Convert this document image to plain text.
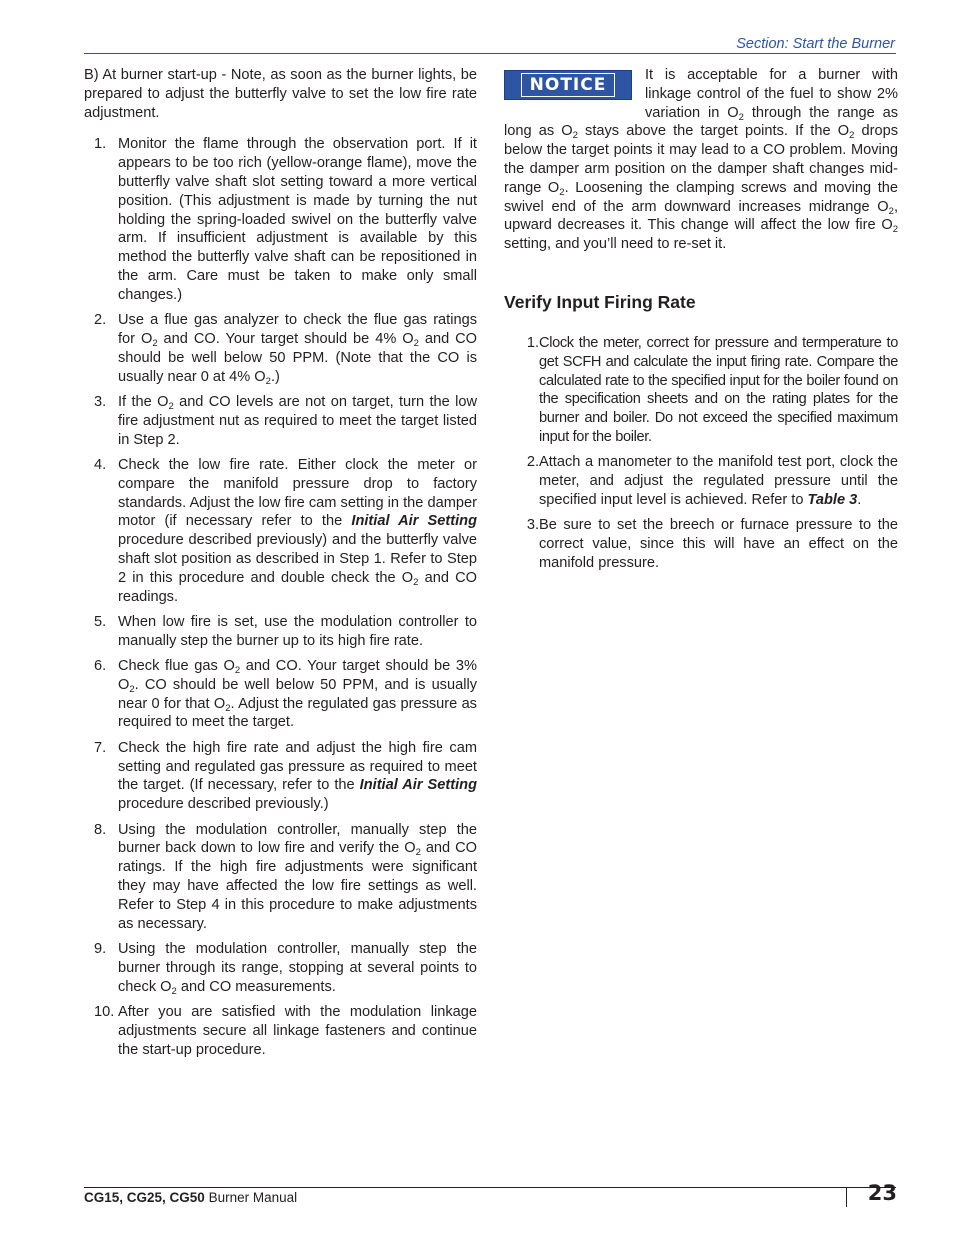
Section: Start the Burner

B) At burner start-up - Note, as soon as the burner lights, be prepared to adjust the butterfly valve to set the low fire rate adjustment.

1. Monitor the flame through the observation port. If it appears to be too rich (yellow-orange flame), move the butterfly valve shaft slot setting toward a more vertical position. (This adjustment is made by turning the nut holding the spring-loaded swivel on the butterfly valve arm. If insufficient adjustment is available by this method the butterfly valve shaft can be repositioned in the arm. Care must be taken to make only small changes.)
2. Use a flue gas analyzer to check the flue gas ratings for $O_2$ and CO. Your target should be 4% $O_2$ and CO should be well below 50 PPM. (Note that the CO is usually near 0 at 4% $O_2$.)
3. If the $O_2$ and CO levels are not on target, turn the low fire adjustment nut as required to meet the target listed in Step 2.
4. Check the low fire rate. Either clock the meter or compare the manifold pressure drop to factory standards. Adjust the low fire cam setting in the damper motor (if necessary refer to the Initial Air Setting procedure described previously) and the butterfly valve shaft slot position as described in Step 1. Refer to Step 2 in this procedure and double check the $O_2$ and CO readings.
5. When low fire is set, use the modulation controller to manually step the burner up to its high fire rate.
6. Check flue gas $O_2$ and CO. Your target should be 3% $O_2$. CO should be well below 50 PPM, and is usually near 0 for that $O_2$. Adjust the regulated gas pressure as required to meet the target.
7. Check the high fire rate and adjust the high fire cam setting and regulated gas pressure as required to meet the target. (If necessary, refer to the Initial Air Setting procedure described previously.)
8. Using the modulation controller, manually step the burner back down to low fire and verify the $O_2$ and CO ratings. If the high fire adjustments were significant they may have affected the low fire settings as well. Refer to Step 4 in this procedure to make adjustments as necessary.
9. Using the modulation controller, manually step the burner through its range, stopping at several points to check $O_2$ and CO measurements.
10. After you are satisfied with the modulation linkage adjustments secure all linkage fasteners and continue the start-up procedure.
NOTICE	It is acceptable for a burner with linkage control of the fuel to show 2% variation in $O_2$ through the range as long as $O_2$ stays above the target points. If the $O_2$ drops below the target points it may lead to a CO problem. Moving the damper arm position on the damper shaft changes mid-range $O_2$. Loosening the clamping screws and moving the swivel end of the arm downward increases midrange $O_2$, upward decreases it. This change will affect the low fire $O_2$ setting, and you’ll need to re-set it.

Verify Input Firing Rate
1. Clock the meter, correct for pressure and termperature to get SCFH and calculate the input firing rate. Compare the calculated rate to the specified input for the boiler found on the specification sheets and on the rating plates for the burner and boiler. Do not exceed the specified maximum input for the boiler.
2. Attach a manometer to the manifold test port, clock the meter, and adjust the regulated pressure until the specified input level is achieved. Refer to Table 3.
3. Be sure to set the breech or furnace pressure to the correct value, since this will have an effect on the manifold pressure.
CG15, CG25, CG50 Burner Manual	23
